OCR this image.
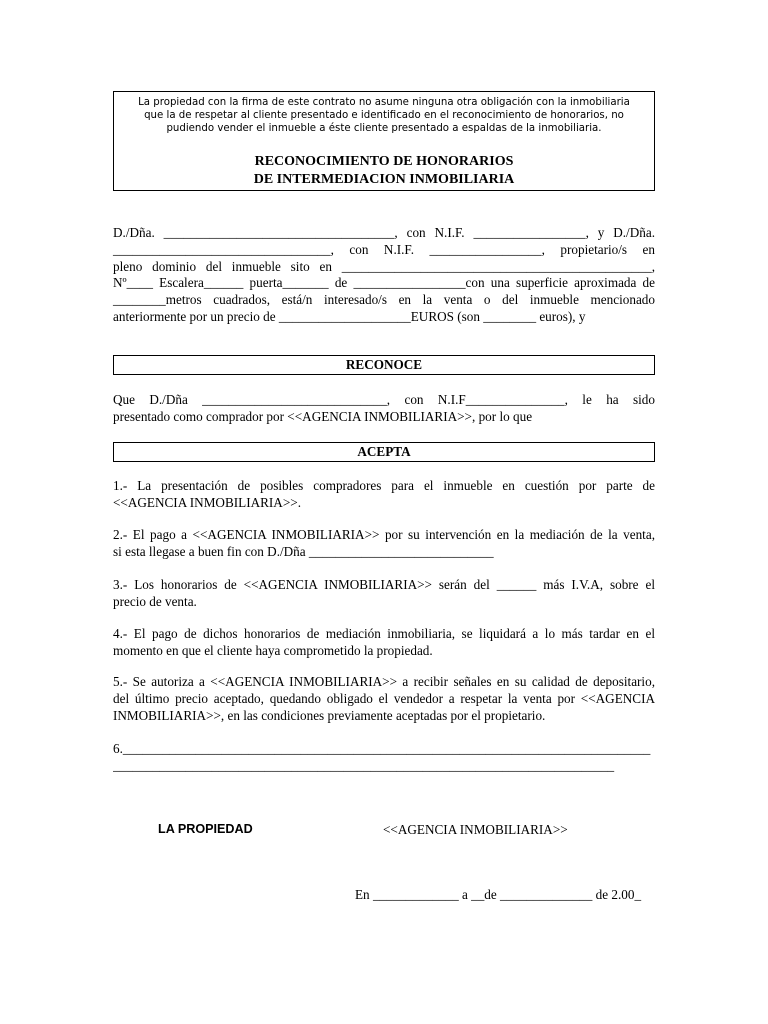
La propiedad con la firma de este contrato no asume ninguna otra obligación con la inmobiliaria
que la de respetar al cliente presentado e identificado en el reconocimiento de honorarios, no
pudiendo vender el inmueble a éste cliente presentado a espaldas de la inmobiliaria.

RECONOCIMIENTO DE HONORARIOS

DE INTERMEDIACION INMOBILIARIA

D./Dña. ___________________________________, con N.I.F. _________________, y D./Dña.
_________________________________, con N.I.F. _________________, propietario/s en
pleno dominio del inmueble sito en _______________________________________________,
Nº____ Escalera______ puerta_______ de _________________con una superficie aproximada de
________metros cuadrados, está/n interesado/s en la venta o del inmueble mencionado
anteriormente por un precio de ____________________EUROS (son ________ euros), y

RECONOCE

Que D./Dña ____________________________, con N.I.F_______________, le ha sido
presentado como comprador por <<AGENCIA INMOBILIARIA>>, por lo que

ACEPTA

1.- La presentación de posibles compradores para el inmueble en cuestión por parte de
<<AGENCIA INMOBILIARIA>>.

2.- El pago a <<AGENCIA INMOBILIARIA>> por su intervención en la mediación de la venta,
si esta llegase a buen fin con D./Dña ____________________________

3.- Los honorarios de <<AGENCIA INMOBILIARIA>> serán del ______ más I.V.A, sobre el
precio de venta.

4.- El pago de dichos honorarios de mediación inmobiliaria, se liquidará a lo más tardar en el
momento en que el cliente haya comprometido la propiedad.

5.- Se autoriza a <<AGENCIA INMOBILIARIA>> a recibir señales en su calidad de depositario,
del último precio aceptado, quedando obligado el vendedor a respetar la venta por <<AGENCIA
INMOBILIARIA>>, en las condiciones previamente aceptadas por el propietario.

6.________________________________________________________________________________
____________________________________________________________________________

LA PROPIEDAD	<<AGENCIA INMOBILIARIA>>

En _____________ a __de ______________ de 2.00_
